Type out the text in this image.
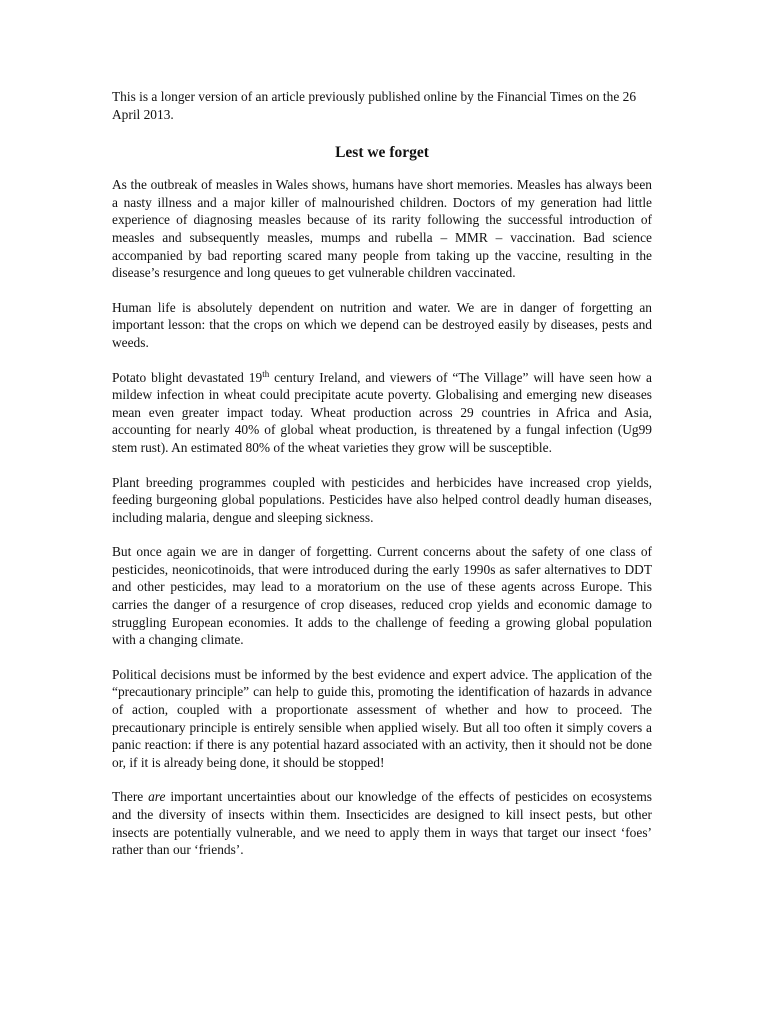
This is a longer version of an article previously published online by the Financial Times on the 26 April 2013.

Lest we forget

As the outbreak of measles in Wales shows, humans have short memories. Measles has always been a nasty illness and a major killer of malnourished children. Doctors of my generation had little experience of diagnosing measles because of its rarity following the successful introduction of measles and subsequently measles, mumps and rubella – MMR – vaccination. Bad science accompanied by bad reporting scared many people from taking up the vaccine, resulting in the disease’s resurgence and long queues to get vulnerable children vaccinated.

Human life is absolutely dependent on nutrition and water. We are in danger of forgetting an important lesson: that the crops on which we depend can be destroyed easily by diseases, pests and weeds.

Potato blight devastated 19th century Ireland, and viewers of “The Village” will have seen how a mildew infection in wheat could precipitate acute poverty. Globalising and emerging new diseases mean even greater impact today. Wheat production across 29 countries in Africa and Asia, accounting for nearly 40% of global wheat production, is threatened by a fungal infection (Ug99 stem rust). An estimated 80% of the wheat varieties they grow will be susceptible.

Plant breeding programmes coupled with pesticides and herbicides have increased crop yields, feeding burgeoning global populations. Pesticides have also helped control deadly human diseases, including malaria, dengue and sleeping sickness.

But once again we are in danger of forgetting. Current concerns about the safety of one class of pesticides, neonicotinoids, that were introduced during the early 1990s as safer alternatives to DDT and other pesticides, may lead to a moratorium on the use of these agents across Europe. This carries the danger of a resurgence of crop diseases, reduced crop yields and economic damage to struggling European economies. It adds to the challenge of feeding a growing global population with a changing climate.

Political decisions must be informed by the best evidence and expert advice. The application of the “precautionary principle” can help to guide this, promoting the identification of hazards in advance of action, coupled with a proportionate assessment of whether and how to proceed. The precautionary principle is entirely sensible when applied wisely. But all too often it simply covers a panic reaction: if there is any potential hazard associated with an activity, then it should not be done or, if it is already being done, it should be stopped!

There are important uncertainties about our knowledge of the effects of pesticides on ecosystems and the diversity of insects within them. Insecticides are designed to kill insect pests, but other insects are potentially vulnerable, and we need to apply them in ways that target our insect ‘foes’ rather than our ‘friends’.
